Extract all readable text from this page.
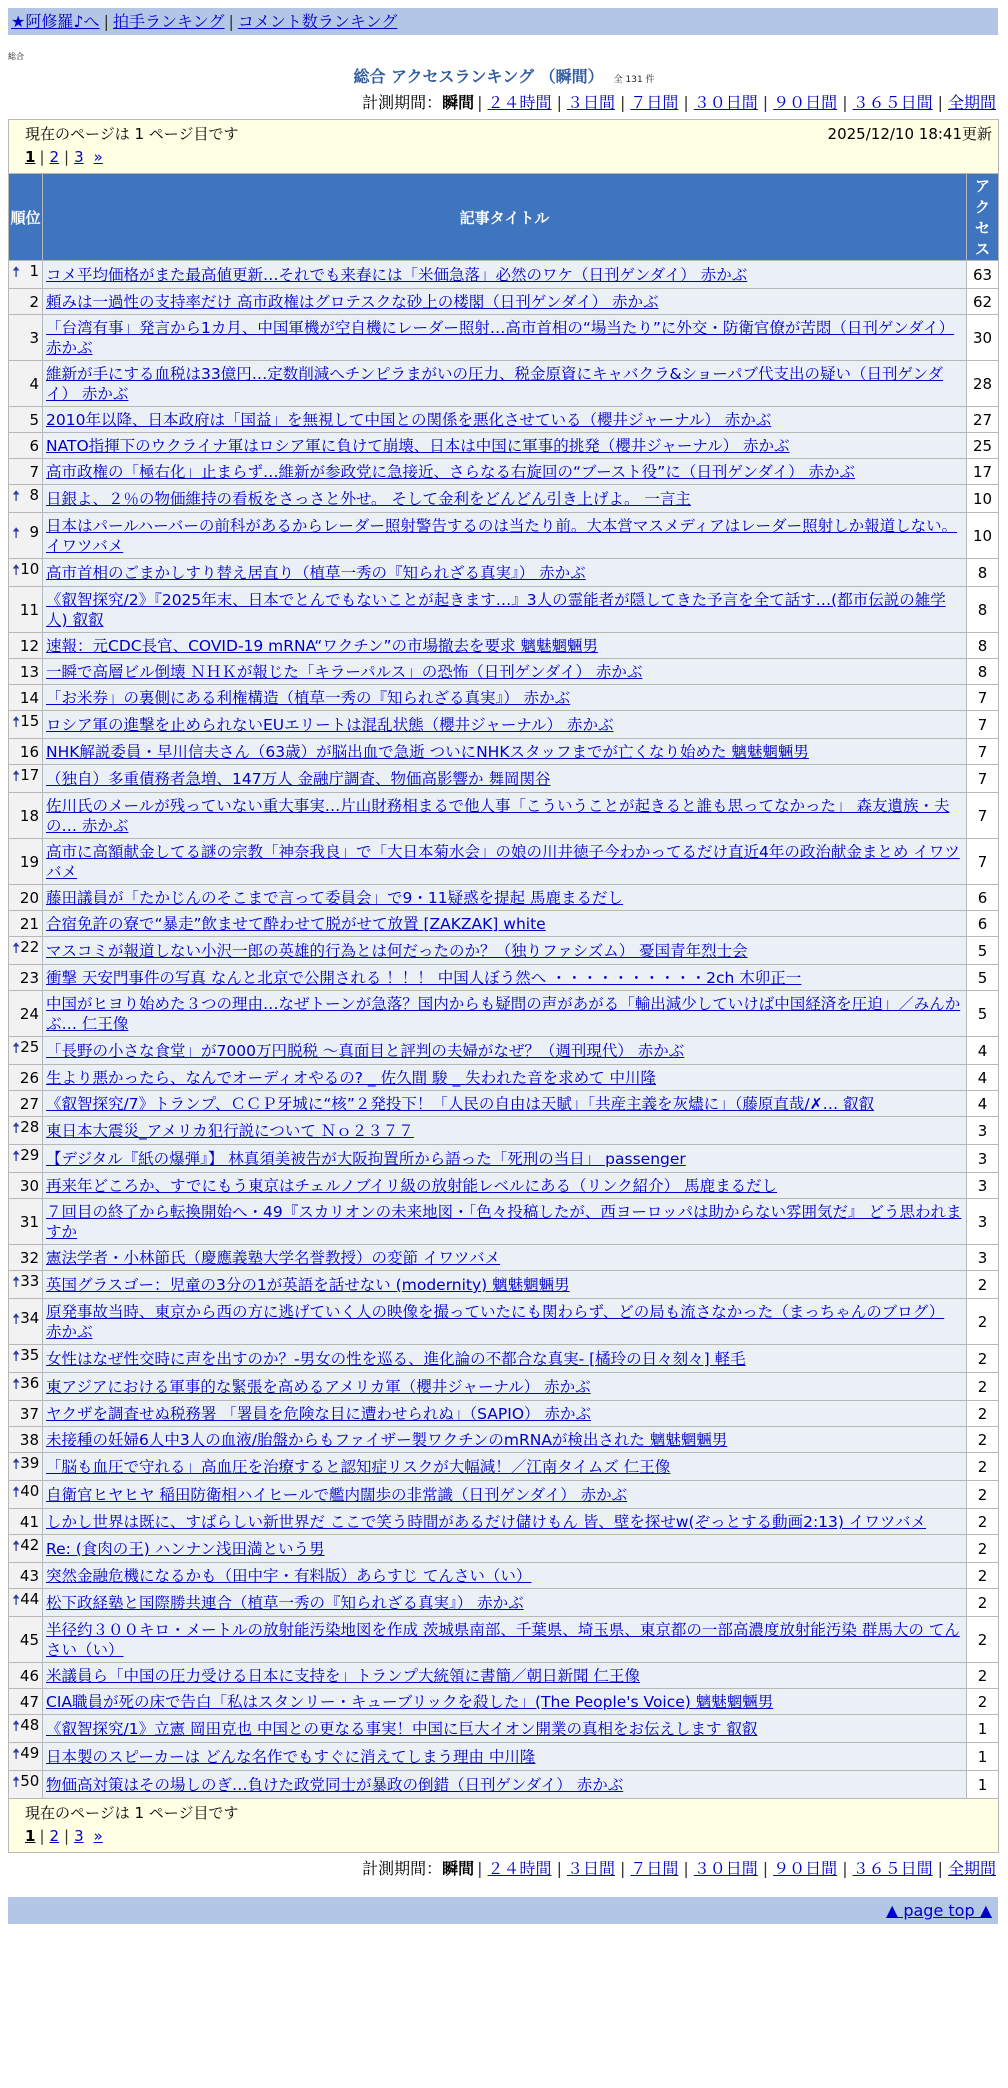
★阿修羅♪へ | 拍手ランキング | コメント数ランキング
総合
総合 アクセスランキング （瞬間） 全 131 件
計測期間：瞬間 | ２４時間 | ３日間 | ７日間 | ３０日間 | ９０日間 | ３６５日間 | 全期間
2025/12/10 18:41更新
現在のページは 1 ページ目です
1 | 2 | 3 »		

順位	記事タイトル	アクセス

🠅 1	コメ平均価格がまた最高値更新…それでも来春には「米価急落」必然のワケ（日刊ゲンダイ） 赤かぶ	63
2	頼みは一過性の支持率だけ 高市政権はグロテスクな砂上の楼閣（日刊ゲンダイ） 赤かぶ	62
3	「台湾有事」発言から1カ月、中国軍機が空自機にレーダー照射…高市首相の“場当たり”に外交・防衛官僚が苦悶（日刊ゲンダイ） 赤かぶ	30
4	維新が手にする血税は33億円…定数削減へチンピラまがいの圧力、税金原資にキャバクラ&ショーパブ代支出の疑い（日刊ゲンダイ） 赤かぶ	28
5	2010年以降、日本政府は「国益」を無視して中国との関係を悪化させている（櫻井ジャーナル） 赤かぶ	27
6	NATO指揮下のウクライナ軍はロシア軍に負けて崩壊、日本は中国に軍事的挑発（櫻井ジャーナル） 赤かぶ	25
7	高市政権の「極右化」止まらず…維新が参政党に急接近、さらなる右旋回の“ブースト役”に（日刊ゲンダイ） 赤かぶ	17

🠅 8	日銀よ、２％の物価維持の看板をさっさと外せ。 そして金利をどんどん引き上げよ。 一言主	10

🠅 9	日本はパールハーバーの前科があるからレーダー照射警告するのは当たり前。大本営マスメディアはレーダー照射しか報道しない。 イワツバメ	10

🠅 10	高市首相のごまかしすり替え居直り（植草一秀の『知られざる真実』） 赤かぶ	8
11	《叡智探究/2》『2025年末、日本でとんでもないことが起きます…』3人の霊能者が隠してきた予言を全て話す…(都市伝説の雑学人) 叡叡	8
12	速報：元CDC長官、COVID-19 mRNA“ワクチン”の市場撤去を要求 魑魅魍魎男	8
13	一瞬で高層ビル倒壊 ＮＨＫが報じた「キラーパルス」の恐怖（日刊ゲンダイ） 赤かぶ	8
14	「お米券」の裏側にある利権構造（植草一秀の『知られざる真実』） 赤かぶ	7

🠅 15	ロシア軍の進撃を止められないEUエリートは混乱状態（櫻井ジャーナル） 赤かぶ	7
16	NHK解説委員・早川信夫さん（63歳）が脳出血で急逝 ついにNHKスタッフまでが亡くなり始めた 魑魅魍魎男	7

🠅 17	（独自）多重債務者急増、147万人 金融庁調査、物価高影響か 舞岡関谷	7
18	佐川氏のメールが残っていない重大事実…片山財務相まるで他人事「こういうことが起きると誰も思ってなかった」 森友遺族・夫の… 赤かぶ	7
19	高市に高額献金してる謎の宗教「神奈我良」で「大日本菊水会」の娘の川井徳子今わかってるだけ直近4年の政治献金まとめ イワツバメ	7
20	藤田議員が「たかじんのそこまで言って委員会」で9・11疑惑を提起 馬鹿まるだし	6
21	合宿免許の寮で“暴走”飲ませて酔わせて脱がせて放置 [ZAKZAK] white	6

🠅 22	マスコミが報道しない小沢一郎の英雄的行為とは何だったのか？（独りファシズム） 憂国青年烈士会	5
23	衝撃 天安門事件の写真 なんと北京で公開される ！！！ 中国人ぼう然へ ・・・・・・・・・・2ch 木卯正一	5
24	中国がヒヨり始めた３つの理由…なぜトーンが急落？国内からも疑問の声があがる「輸出減少していけば中国経済を圧迫」／みんかぶ… 仁王像	5

🠅 25	「長野の小さな食堂」が7000万円脱税 ～真面目と評判の夫婦がなぜ？（週刊現代） 赤かぶ	4
26	生より悪かったら、なんでオーディオやるの? _ 佐久間 駿 _ 失われた音を求めて 中川隆	4
27	《叡智探究/7》トランプ、ＣＣＰ牙城に“核”２発投下！「人民の自由は天賦」「共産主義を灰燼に」（藤原直哉/✗… 叡叡	4

🠅 28	東日本大震災_アメリカ犯行説について Ｎｏ２３７７	3

🠅 29	【デジタル『紙の爆弾』】 林真須美被告が大阪拘置所から語った「死刑の当日」 passenger	3
30	再来年どころか、すでにもう東京はチェルノブイリ級の放射能レベルにある（リンク紹介） 馬鹿まるだし	3
31	７回目の終了から転換開始へ・49『スカリオンの未来地図・「色々投稿したが、西ヨーロッパは助からない雰囲気だ』 どう思われますか	3
32	憲法学者・小林節氏（慶應義塾大学名誉教授）の変節 イワツバメ	3

🠅 33	英国グラスゴー：児童の3分の1が英語を話せない (modernity) 魑魅魍魎男	2

🠅 34	原発事故当時、東京から西の方に逃げていく人の映像を撮っていたにも関わらず、どの局も流さなかった（まっちゃんのブログ） 赤かぶ	2

🠅 35	女性はなぜ性交時に声を出すのか？-男女の性を巡る、進化論の不都合な真実- [橘玲の日々刻々] 軽毛	2

🠅 36	東アジアにおける軍事的な緊張を高めるアメリカ軍（櫻井ジャーナル） 赤かぶ	2
37	ヤクザを調査せぬ税務署 「署員を危険な目に遭わせられぬ」（SAPIO） 赤かぶ	2
38	未接種の妊婦6人中3人の血液/胎盤からもファイザー製ワクチンのmRNAが検出された 魑魅魍魎男	2

🠅 39	「脳も血圧で守れる」高血圧を治療すると認知症リスクが大幅減！／江南タイムズ 仁王像	2

🠅 40	自衛官ヒヤヒヤ 稲田防衛相ハイヒールで艦内闊歩の非常識（日刊ゲンダイ） 赤かぶ	2
41	しかし世界は既に、すばらしい新世界だ ここで笑う時間があるだけ儲けもん 皆、壁を探せw(ぞっとする動画2:13) イワツバメ	2

🠅 42	Re: (食肉の王) ハンナン浅田満という男	2
43	突然金融危機になるかも（田中宇・有料版）あらすじ てんさい（い）	2

🠅 44	松下政経塾と国際勝共連合（植草一秀の『知られざる真実』） 赤かぶ	2
45	半径约３００キロ・メートルの放射能汚染地図を作成 茨城県南部、千葉県、埼玉県、東京都の一部高濃度放射能汚染 群馬大の てんさい（い）	2
46	米議員ら「中国の圧力受ける日本に支持を」トランプ大統領に書簡／朝日新聞 仁王像	2
47	CIA職員が死の床で告白「私はスタンリー・キューブリックを殺した」(The People's Voice) 魑魅魍魎男	2

🠅 48	《叡智探究/1》立憲 岡田克也 中国との更なる事実！中国に巨大イオン開業の真相をお伝えします 叡叡	1

🠅 49	日本製のスピーカーは どんな名作でもすぐに消えてしまう理由 中川隆	1

🠅 50	物価高対策はその場しのぎ…負けた政党同士が暴政の倒錯（日刊ゲンダイ） 赤かぶ	1

現在のページは 1 ページ目です
1 | 2 | 3 »		
計測期間：瞬間 | ２４時間 | ３日間 | ７日間 | ３０日間 | ９０日間 | ３６５日間 | 全期間
▲ page top ▲
